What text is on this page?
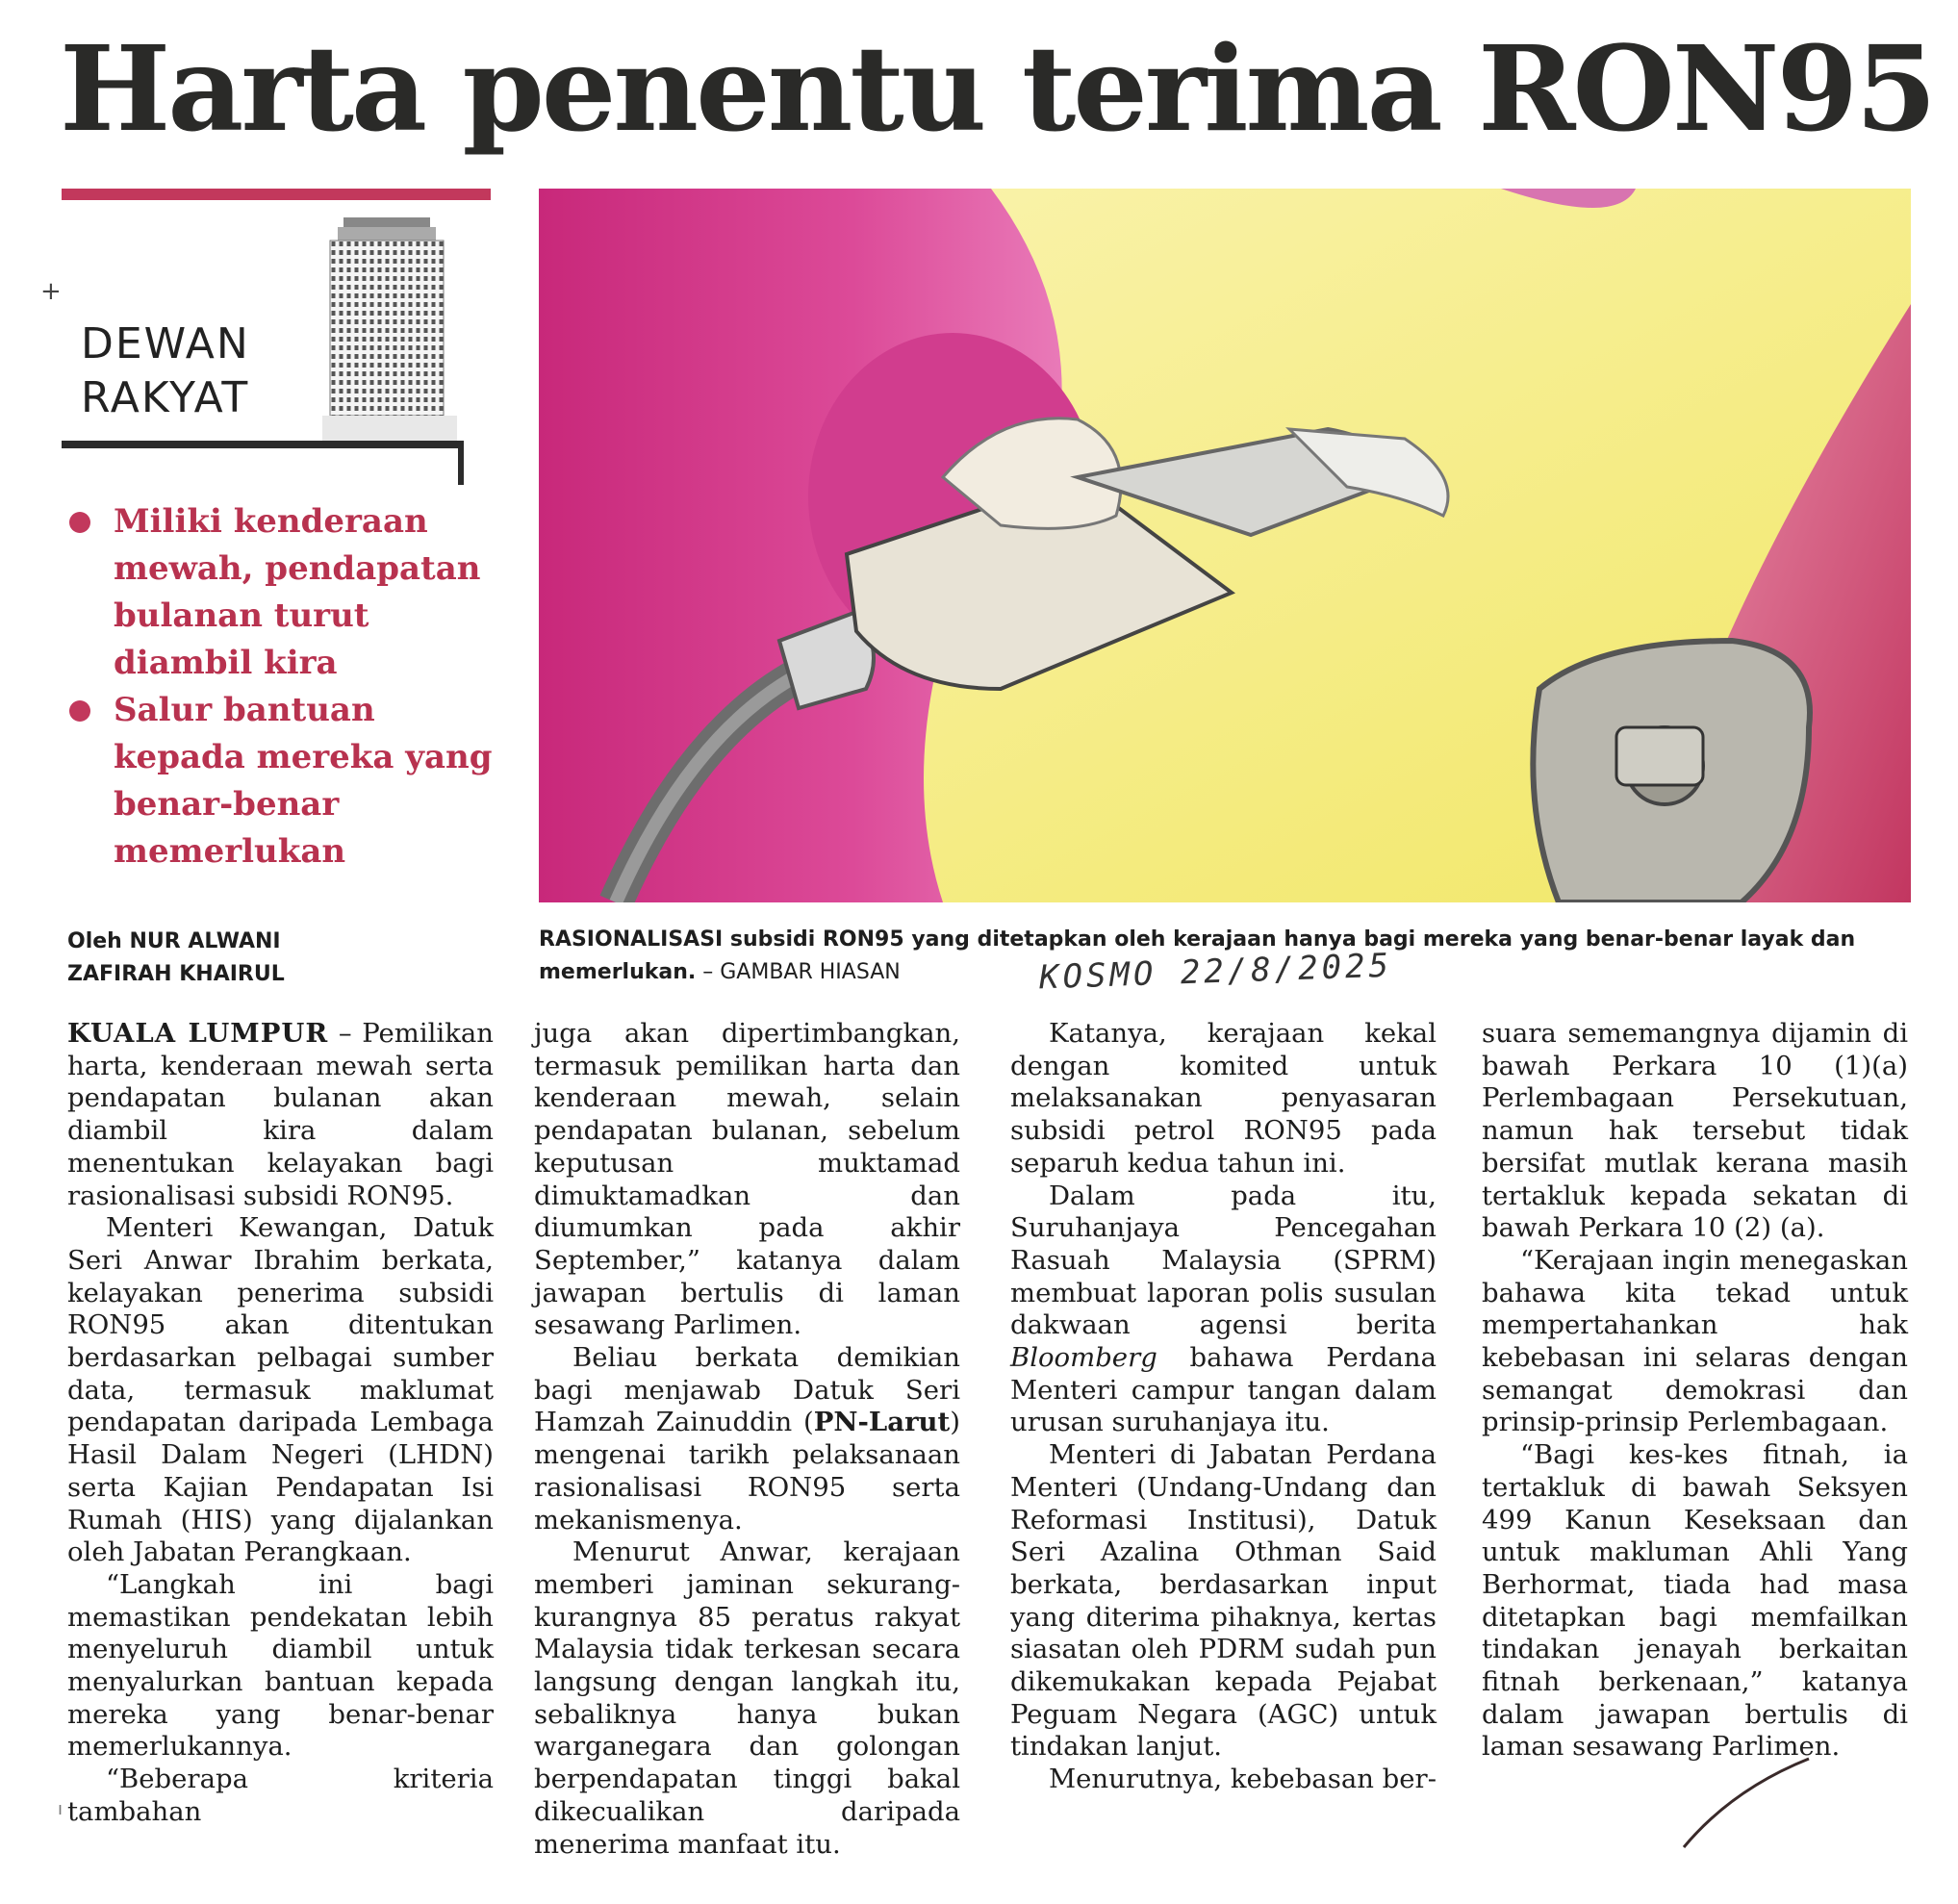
Harta penentu terima RON95
+
DEWAN
RAKYAT
Miliki kenderaan mewah, pendapatan bulanan turut diambil kira
Salur bantuan kepada mereka yang benar-benar memerlukan
Oleh NUR ALWANI
ZAFIRAH KHAIRUL
RASIONALISASI subsidi RON95 yang ditetapkan oleh kerajaan hanya bagi mereka yang benar-benar layak dan memerlukan. – GAMBAR HIASAN	KOSMO 22/8/2025

KUALA LUMPUR – Pemilikan harta, kenderaan mewah serta pendapatan bulanan akan diambil kira dalam menentukan kelayakan bagi rasionalisasi subsidi RON95.

Menteri Kewangan, Datuk Seri Anwar Ibrahim berkata, kelayakan penerima subsidi RON95 akan ditentukan berdasarkan pelbagai sumber data, termasuk maklumat pendapatan daripada Lembaga Hasil Dalam Negeri (LHDN) serta Kajian Pendapatan Isi Rumah (HIS) yang dijalankan oleh Jabatan Perangkaan.

“Langkah ini bagi memastikan pendekatan lebih menyeluruh diambil untuk menyalurkan bantuan kepada mereka yang benar-benar memerlukannya.

“Beberapa kriteria tambahan

juga akan dipertimbangkan, termasuk pemilikan harta dan kenderaan mewah, selain pendapatan bulanan, sebelum keputusan muktamad dimuktamadkan dan diumumkan pada akhir September,” katanya dalam jawapan bertulis di laman sesawang Parlimen.

Beliau berkata demikian bagi menjawab Datuk Seri Hamzah Zainuddin (PN-Larut) mengenai tarikh pelaksanaan rasionalisasi RON95 serta mekanismenya.

Menurut Anwar, kerajaan memberi jaminan sekurang-kurangnya 85 peratus rakyat Malaysia tidak terkesan secara langsung dengan langkah itu, sebaliknya hanya bukan warganegara dan golongan berpendapatan tinggi bakal dikecualikan daripada menerima manfaat itu.

Katanya, kerajaan kekal dengan komited untuk melaksanakan penyasaran subsidi petrol RON95 pada separuh kedua tahun ini.

Dalam pada itu, Suruhanjaya Pencegahan Rasuah Malaysia (SPRM) membuat laporan polis susulan dakwaan agensi berita Bloomberg bahawa Perdana Menteri campur tangan dalam urusan suruhanjaya itu.

Menteri di Jabatan Perdana Menteri (Undang-Undang dan Reformasi Institusi), Datuk Seri Azalina Othman Said berkata, berdasarkan input yang diterima pihaknya, kertas siasatan oleh PDRM sudah pun dikemukakan kepada Pejabat Peguam Negara (AGC) untuk tindakan lanjut.

Menurutnya, kebebasan ber-

suara sememangnya dijamin di bawah Perkara 10 (1)(a) Perlembagaan Persekutuan, namun hak tersebut tidak bersifat mutlak kerana masih tertakluk kepada sekatan di bawah Perkara 10 (2) (a).

“Kerajaan ingin menegaskan bahawa kita tekad untuk mempertahankan hak kebebasan ini selaras dengan semangat demokrasi dan prinsip-prinsip Perlembagaan.

“Bagi kes-kes fitnah, ia tertakluk di bawah Seksyen 499 Kanun Keseksaan dan untuk makluman Ahli Yang Berhormat, tiada had masa ditetapkan bagi memfailkan tindakan jenayah berkaitan fitnah berkenaan,” katanya dalam jawapan bertulis di laman sesawang Parlimen.

ı
